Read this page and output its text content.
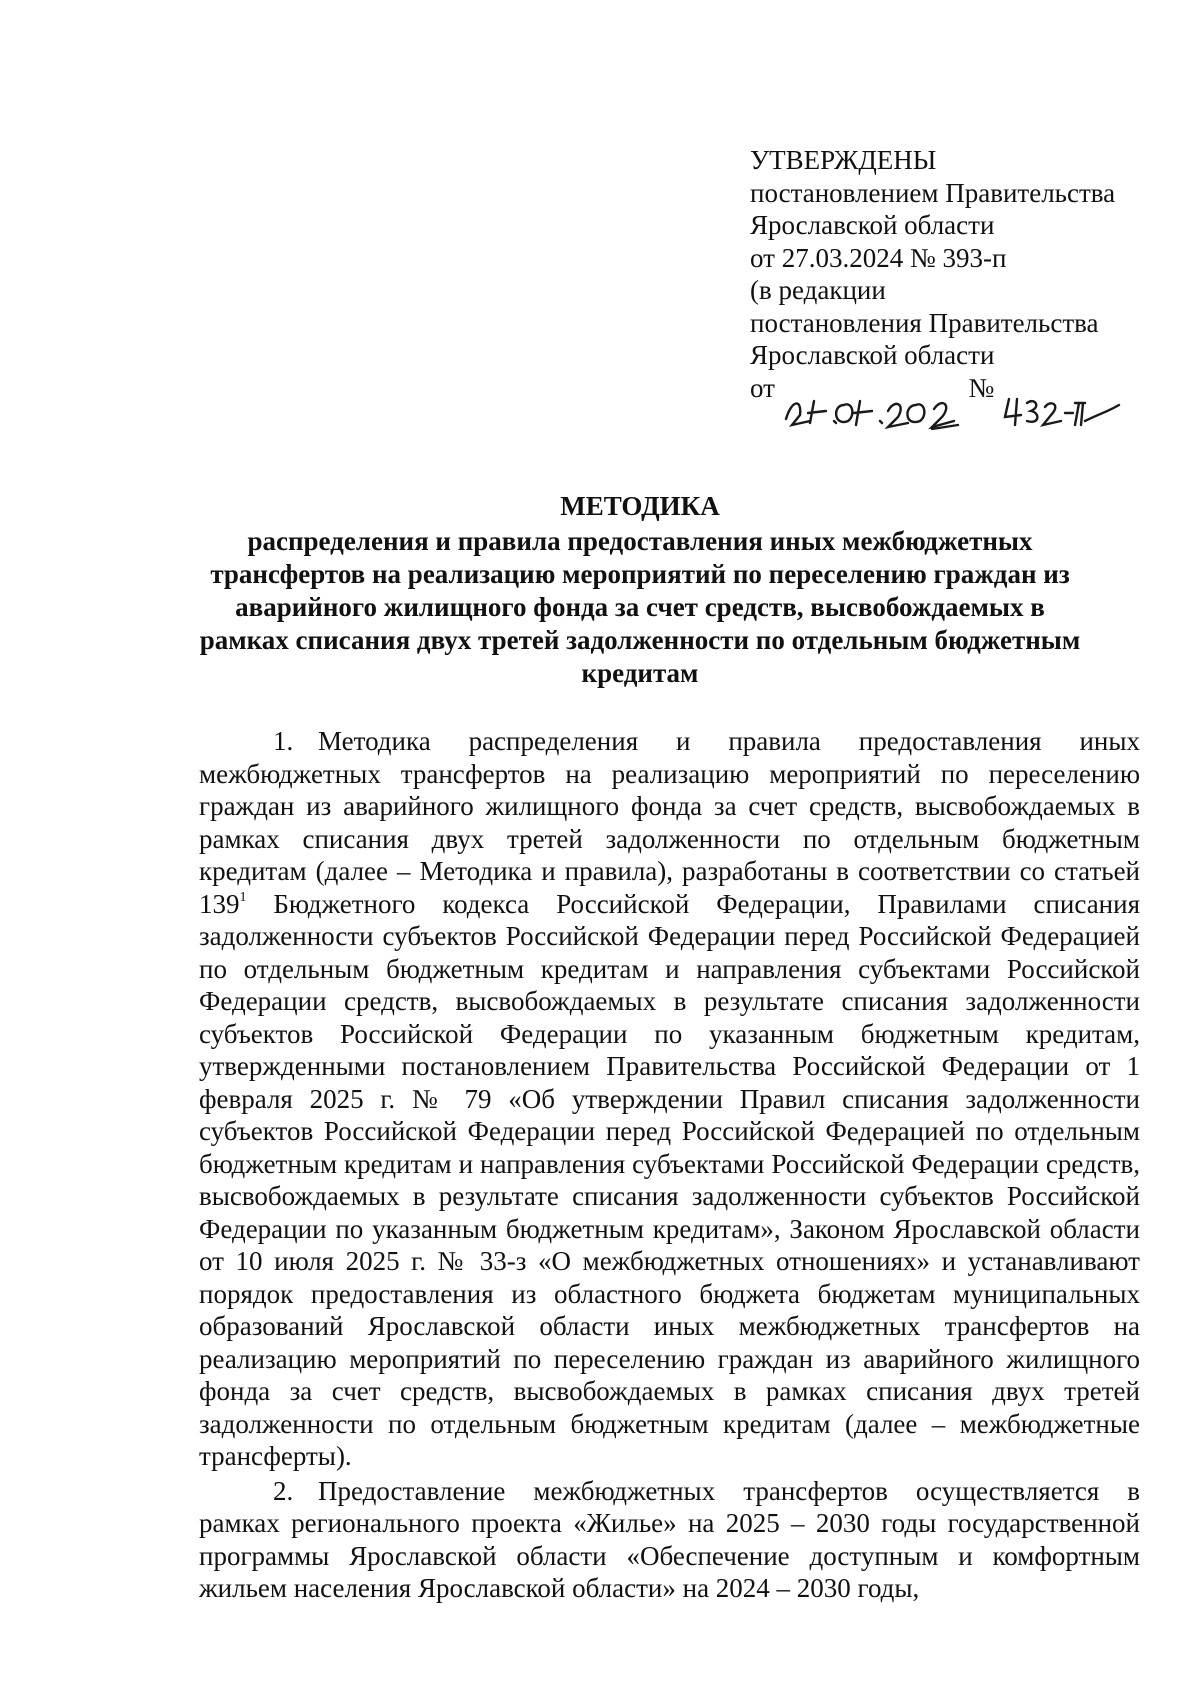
УТВЕРЖДЕНЫ
постановлением Правительства
Ярославской области
от 27.03.2024 № 393-п
(в редакции
постановления Правительства
Ярославской области
от	№
МЕТОДИКА
распределения и правила предоставления иных межбюджетных
трансфертов на реализацию мероприятий по переселению граждан из
аварийного жилищного фонда за счет средств, высвобождаемых в
рамках списания двух третей задолженности по отдельным бюджетным
кредитам

1. Методика распределения и правила предоставления иных межбюджетных трансфертов на реализацию мероприятий по переселению граждан из аварийного жилищного фонда за счет средств, высвобождаемых в рамках списания двух третей задолженности по отдельным бюджетным кредитам (далее – Методика и правила), разработаны в соответствии со статьей $139^1$ Бюджетного кодекса Российской Федерации, Правилами списания задолженности субъектов Российской Федерации перед Российской Федерацией по отдельным бюджетным кредитам и направления субъектами Российской Федерации средств, высвобождаемых в результате списания задолженности субъектов Российской Федерации по указанным бюджетным кредитам, утвержденными постановлением Правительства Российской Федерации от 1 февраля 2025 г. № 79 «Об утверждении Правил списания задолженности субъектов Российской Федерации перед Российской Федерацией по отдельным бюджетным кредитам и направления субъектами Российской Федерации средств, высвобождаемых в результате списания задолженности субъектов Российской Федерации по указанным бюджетным кредитам», Законом Ярославской области от 10 июля 2025 г. № 33-з «О межбюджетных отношениях» и устанавливают порядок предоставления из областного бюджета бюджетам муниципальных образований Ярославской области иных межбюджетных трансфертов на реализацию мероприятий по переселению граждан из аварийного жилищного фонда за счет средств, высвобождаемых в рамках списания двух третей задолженности по отдельным бюджетным кредитам (далее – межбюджетные трансферты).

2. Предоставление межбюджетных трансфертов осуществляется в рамках регионального проекта «Жилье» на 2025 – 2030 годы государственной программы Ярославской области «Обеспечение доступным и комфортным жильем населения Ярославской области» на 2024 – 2030 годы,
